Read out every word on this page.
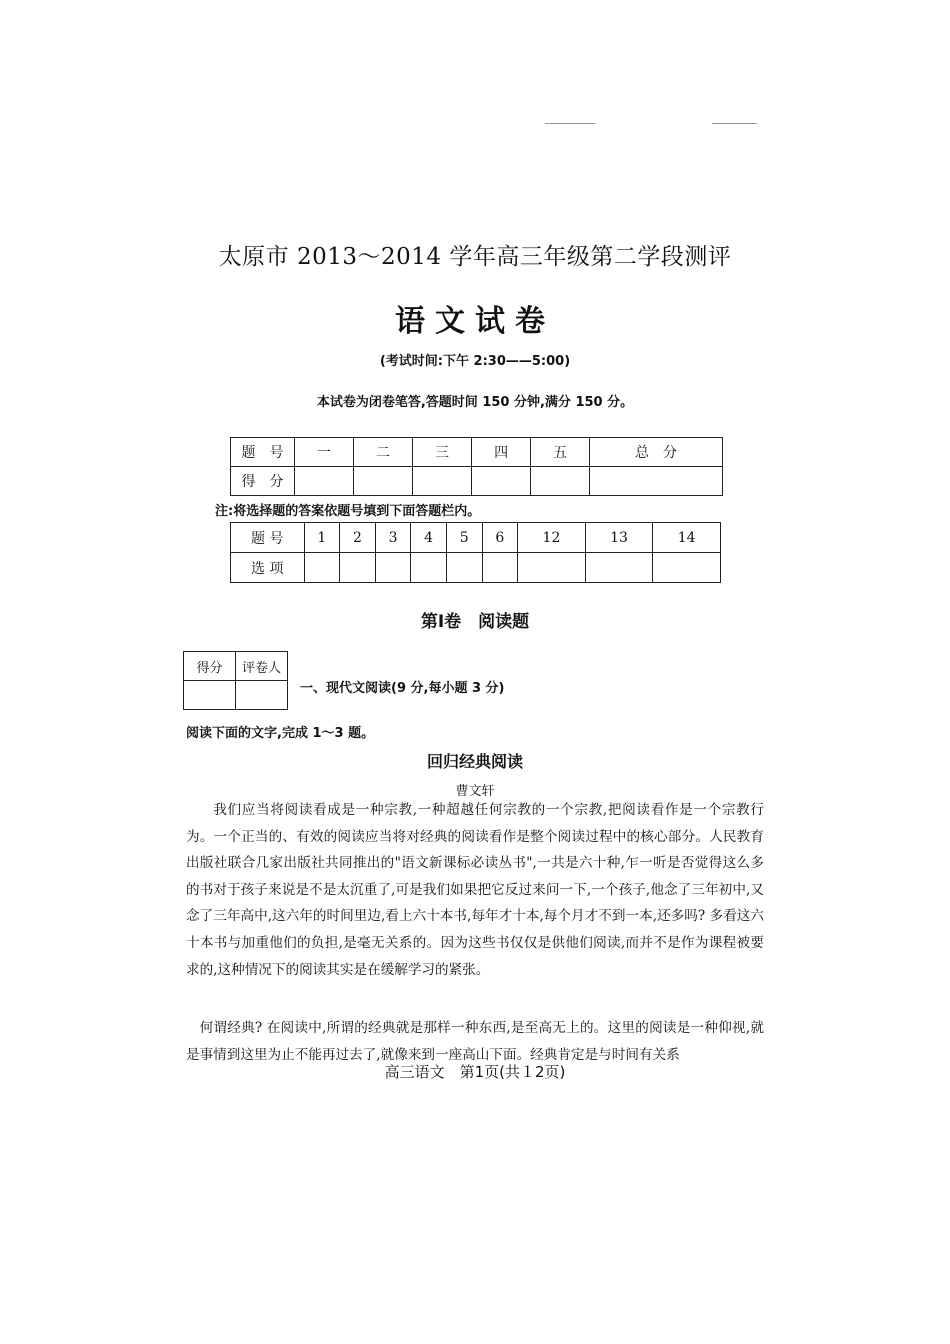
太原市 2013～2014 学年高三年级第二学段测评
语文试卷
(考试时间:下午 2:30——5:00)
本试卷为闭卷笔答,答题时间 150 分钟,满分 150 分。
题　号	一	二	三	四	五	总　分
得　分						
注:将选择题的答案依题号填到下面答题栏内。
题 号	1	2	3	4	5	6	12	13	14
选 项									
第Ⅰ卷　阅读题
得分	评卷人

一、现代文阅读(9 分,每小题 3 分)
阅读下面的文字,完成 1～3 题。
回归经典阅读
曹文轩

我们应当将阅读看成是一种宗教,一种超越任何宗教的一个宗教,把阅读看作是一个宗教行为。一个正当的、有效的阅读应当将对经典的阅读看作是整个阅读过程中的核心部分。人民教育出版社联合几家出版社共同推出的"语文新课标必读丛书",一共是六十种,乍一听是否觉得这么多的书对于孩子来说是不是太沉重了,可是我们如果把它反过来问一下,一个孩子,他念了三年初中,又念了三年高中,这六年的时间里边,看上六十本书,每年才十本,每个月才不到一本,还多吗? 多看这六十本书与加重他们的负担,是毫无关系的。因为这些书仅仅是供他们阅读,而并不是作为课程被要求的,这种情况下的阅读其实是在缓解学习的紧张。

何谓经典? 在阅读中,所谓的经典就是那样一种东西,是至高无上的。这里的阅读是一种仰视,就是事情到这里为止不能再过去了,就像来到一座高山下面。经典肯定是与时间有关系

高三语文　第1页(共１2页)
